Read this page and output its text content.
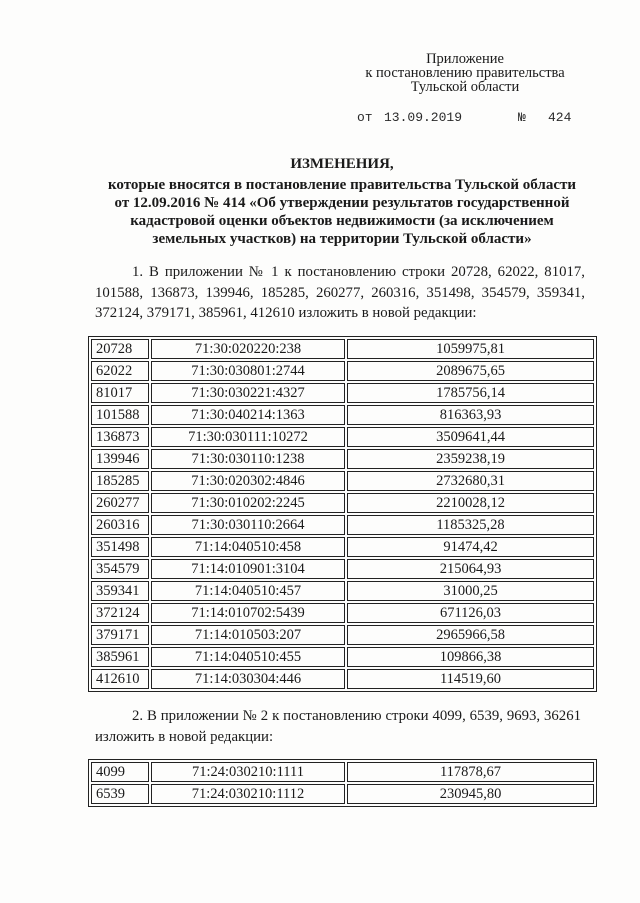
Приложение
к постановлению правительства
Тульской области
от 13.09.2019	№ 424
ИЗМЕНЕНИЯ,
которые вносятся в постановление правительства Тульской области
от 12.09.2016 № 414 «Об утверждении результатов государственной
кадастровой оценки объектов недвижимости (за исключением
земельных участков) на территории Тульской области»
1. В приложении № 1 к постановлению строки 20728, 62022, 81017,
101588, 136873, 139946, 185285, 260277, 260316, 351498, 354579, 359341,
372124, 379171, 385961, 412610 изложить в новой редакции:
20728	71:30:020220:238	1059975,81
62022	71:30:030801:2744	2089675,65
81017	71:30:030221:4327	1785756,14
101588	71:30:040214:1363	816363,93
136873	71:30:030111:10272	3509641,44
139946	71:30:030110:1238	2359238,19
185285	71:30:020302:4846	2732680,31
260277	71:30:010202:2245	2210028,12
260316	71:30:030110:2664	1185325,28
351498	71:14:040510:458	91474,42
354579	71:14:010901:3104	215064,93
359341	71:14:040510:457	31000,25
372124	71:14:010702:5439	671126,03
379171	71:14:010503:207	2965966,58
385961	71:14:040510:455	109866,38
412610	71:14:030304:446	114519,60
2. В приложении № 2 к постановлению строки 4099, 6539, 9693, 36261
изложить в новой редакции:
4099	71:24:030210:1111	117878,67
6539	71:24:030210:1112	230945,80
